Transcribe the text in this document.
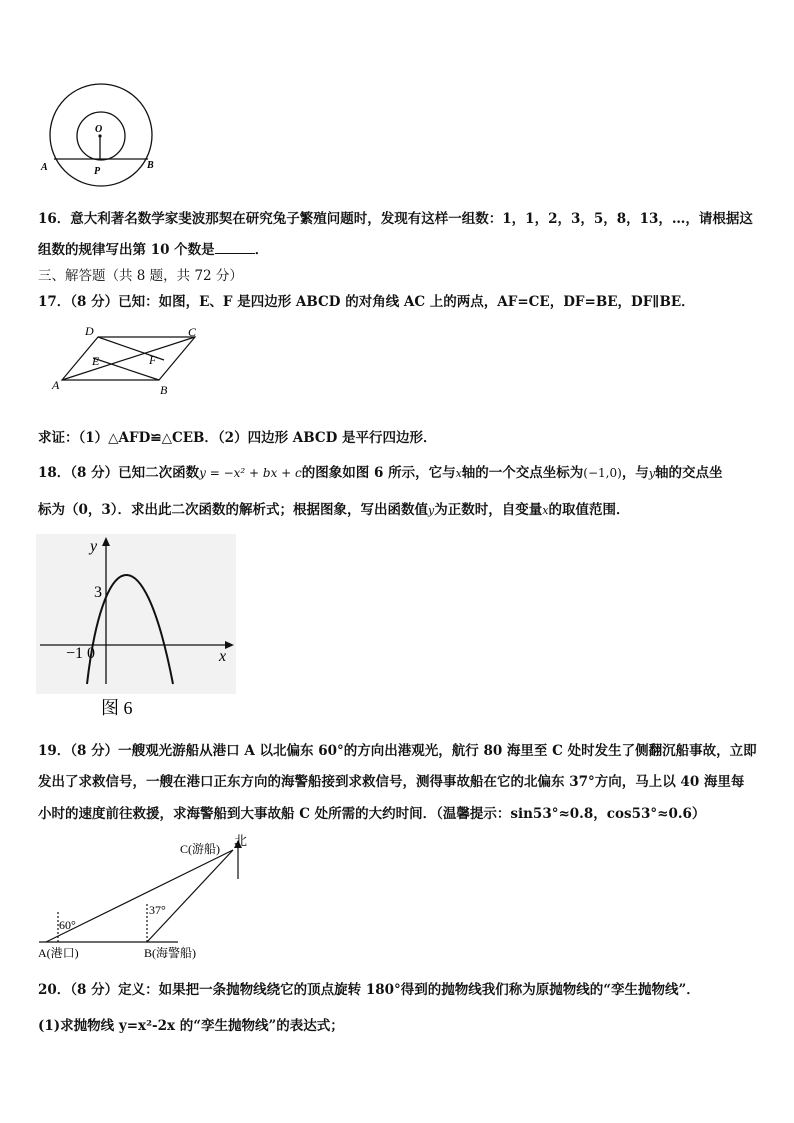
O
A	B
P
16．意大利著名数学家斐波那契在研究兔子繁殖问题时，发现有这样一组数：1，1，2，3，5，8，13，…，请根据这
组数的规律写出第 10 个数是	．
三、解答题（共 8 题，共 72 分）
17．（8 分）已知：如图，E、F 是四边形 ABCD 的对角线 AC 上的两点，AF=CE，DF=BE，DF∥BE．
D	C
E	F
A	B
求证：（1）△AFD≌△CEB．（2）四边形 ABCD 是平行四边形．
18．（8 分）已知二次函数y = −x² + bx + c的图象如图 6 所示，它与x轴的一个交点坐标为(−1,0)，与y轴的交点坐
标为（0，3）．求出此二次函数的解析式；根据图象，写出函数值y为正数时，自变量x的取值范围．
y
x
3
−1 0
图 6
19．（8 分）一艘观光游船从港口 A 以北偏东 60°的方向出港观光，航行 80 海里至 C 处时发生了侧翻沉船事故，立即
发出了求救信号，一艘在港口正东方向的海警船接到求救信号，测得事故船在它的北偏东 37°方向，马上以 40 海里每
小时的速度前往救援，求海警船到大事故船 C 处所需的大约时间．（温馨提示：sin53°≈0.8，cos53°≈0.6）
C(游船)
北
37°
60°
A(港口)	B(海警船)
20．（8 分）定义：如果把一条抛物线绕它的顶点旋转 180°得到的抛物线我们称为原抛物线的“孪生抛物线”．
(1)求抛物线 y=x²-2x 的“孪生抛物线”的表达式；
